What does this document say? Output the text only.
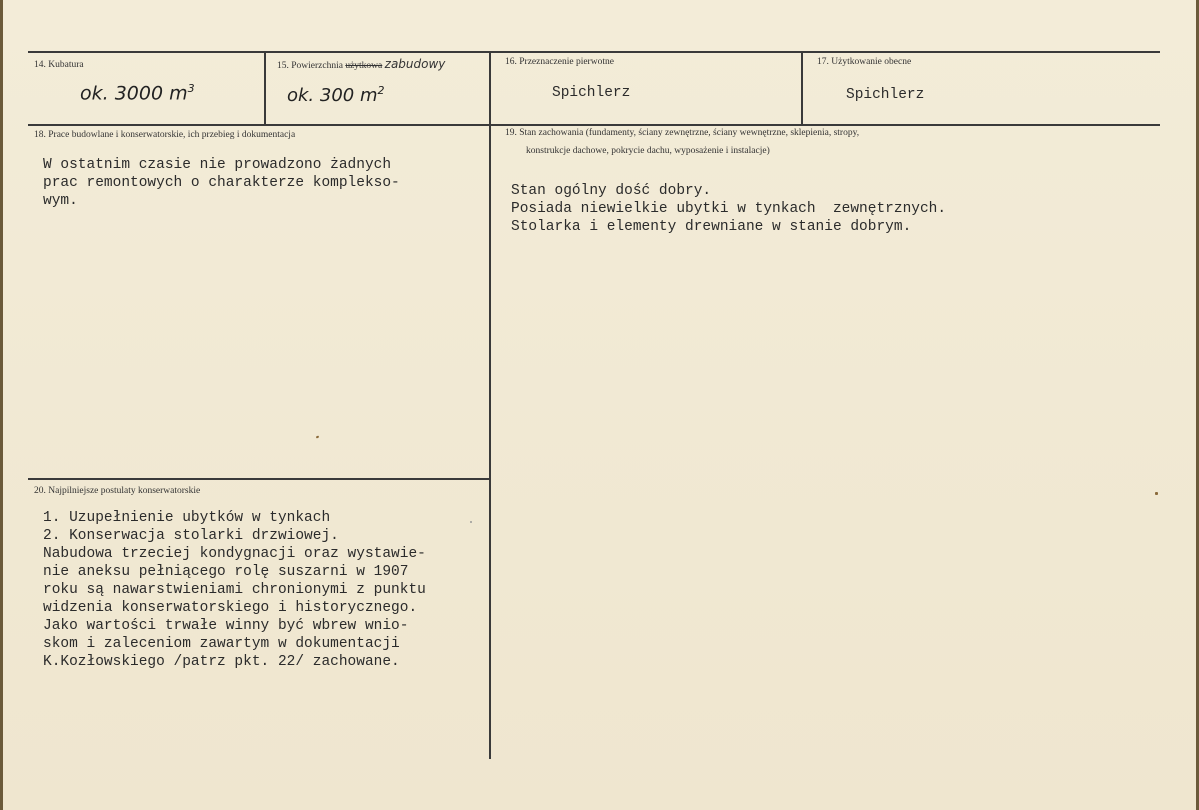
14. Kubatura
ok. 3000 $m^3$
15. Powierzchnia użytkowa zabudowy
ok. 300 $m^2$
16. Przeznaczenie pierwotne
Spichlerz
17. Użytkowanie obecne
Spichlerz
18. Prace budowlane i konserwatorskie, ich przebieg i dokumentacja
W ostatnim czasie nie prowadzono żadnych
prac remontowych o charakterze komplekso-
wym.
19. Stan zachowania (fundamenty, ściany zewnętrzne, ściany wewnętrzne, sklepienia, stropy,
konstrukcje dachowe, pokrycie dachu, wyposażenie i instalacje)
Stan ogólny dość dobry.
Posiada niewielkie ubytki w tynkach  zewnętrznych.
Stolarka i elementy drewniane w stanie dobrym.
20. Najpilniejsze postulaty konserwatorskie
1. Uzupełnienie ubytków w tynkach
2. Konserwacja stolarki drzwiowej.
Nabudowa trzeciej kondygnacji oraz wystawie-
nie aneksu pełniącego rolę suszarni w 1907
roku są nawarstwieniami chronionymi z punktu
widzenia konserwatorskiego i historycznego.
Jako wartości trwałe winny być wbrew wnio-
skom i zaleceniom zawartym w dokumentacji
K.Kozłowskiego /patrz pkt. 22/ zachowane.
